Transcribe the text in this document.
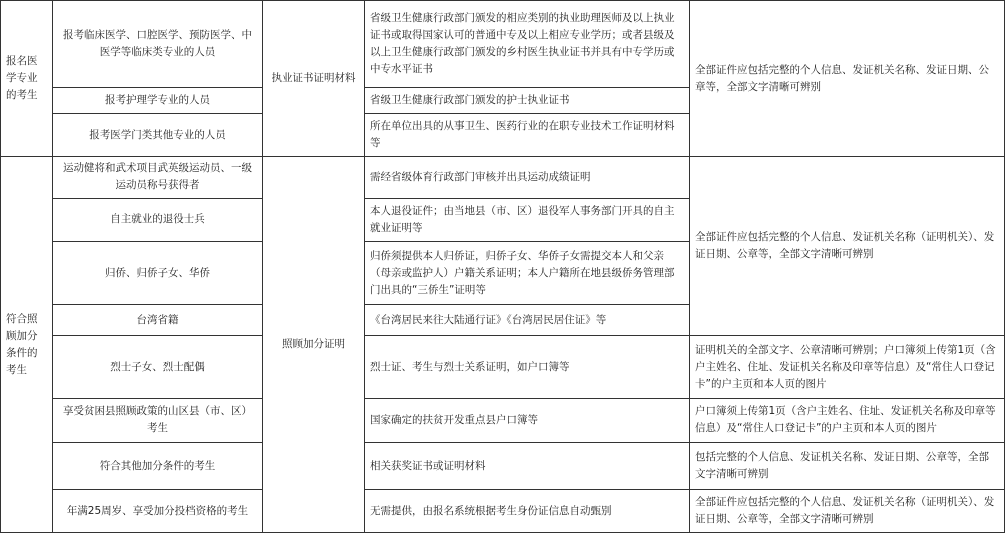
报名医学专业的考生	报考临床医学、口腔医学、预防医学、中医学等临床类专业的人员	执业证书证明材料	省级卫生健康行政部门颁发的相应类别的执业助理医师及以上执业证书或取得国家认可的普通中专及以上相应专业学历；或者县级及以上卫生健康行政部门颁发的乡村医生执业证书并具有中专学历或中专水平证书	全部证件应包括完整的个人信息、发证机关名称、发证日期、公章等，全部文字清晰可辨别
	报考护理学专业的人员		省级卫生健康行政部门颁发的护士执业证书	
	报考医学门类其他专业的人员		所在单位出具的从事卫生、医药行业的在职专业技术工作证明材料等	
符合照顾加分条件的考生	运动健将和武术项目武英级运动员、一级运动员称号获得者	照顾加分证明	需经省级体育行政部门审核并出具运动成绩证明	全部证件应包括完整的个人信息、发证机关名称（证明机关）、发证日期、公章等，全部文字清晰可辨别
	自主就业的退役士兵		本人退役证件；由当地县（市、区）退役军人事务部门开具的自主就业证明等	
	归侨、归侨子女、华侨		归侨须提供本人归侨证，归侨子女、华侨子女需提交本人和父亲（母亲或监护人）户籍关系证明；本人户籍所在地县级侨务管理部门出具的“三侨生”证明等	
	台湾省籍		《台湾居民来往大陆通行证》《台湾居民居住证》等	
	烈士子女、烈士配偶		烈士证、考生与烈士关系证明，如户口簿等	证明机关的全部文字、公章清晰可辨别；户口簿须上传第1页（含户主姓名、住址、发证机关名称及印章等信息）及“常住人口登记卡”的户主页和本人页的图片
	享受贫困县照顾政策的山区县（市、区）考生		国家确定的扶贫开发重点县户口簿等	户口簿须上传第1页（含户主姓名、住址、发证机关名称及印章等信息）及“常住人口登记卡”的户主页和本人页的图片
	符合其他加分条件的考生		相关获奖证书或证明材料	包括完整的个人信息、发证机关名称、发证日期、公章等，全部文字清晰可辨别
	年满25周岁、享受加分投档资格的考生		无需提供，由报名系统根据考生身份证信息自动甄别	全部证件应包括完整的个人信息、发证机关名称（证明机关）、发证日期、公章等，全部文字清晰可辨别
